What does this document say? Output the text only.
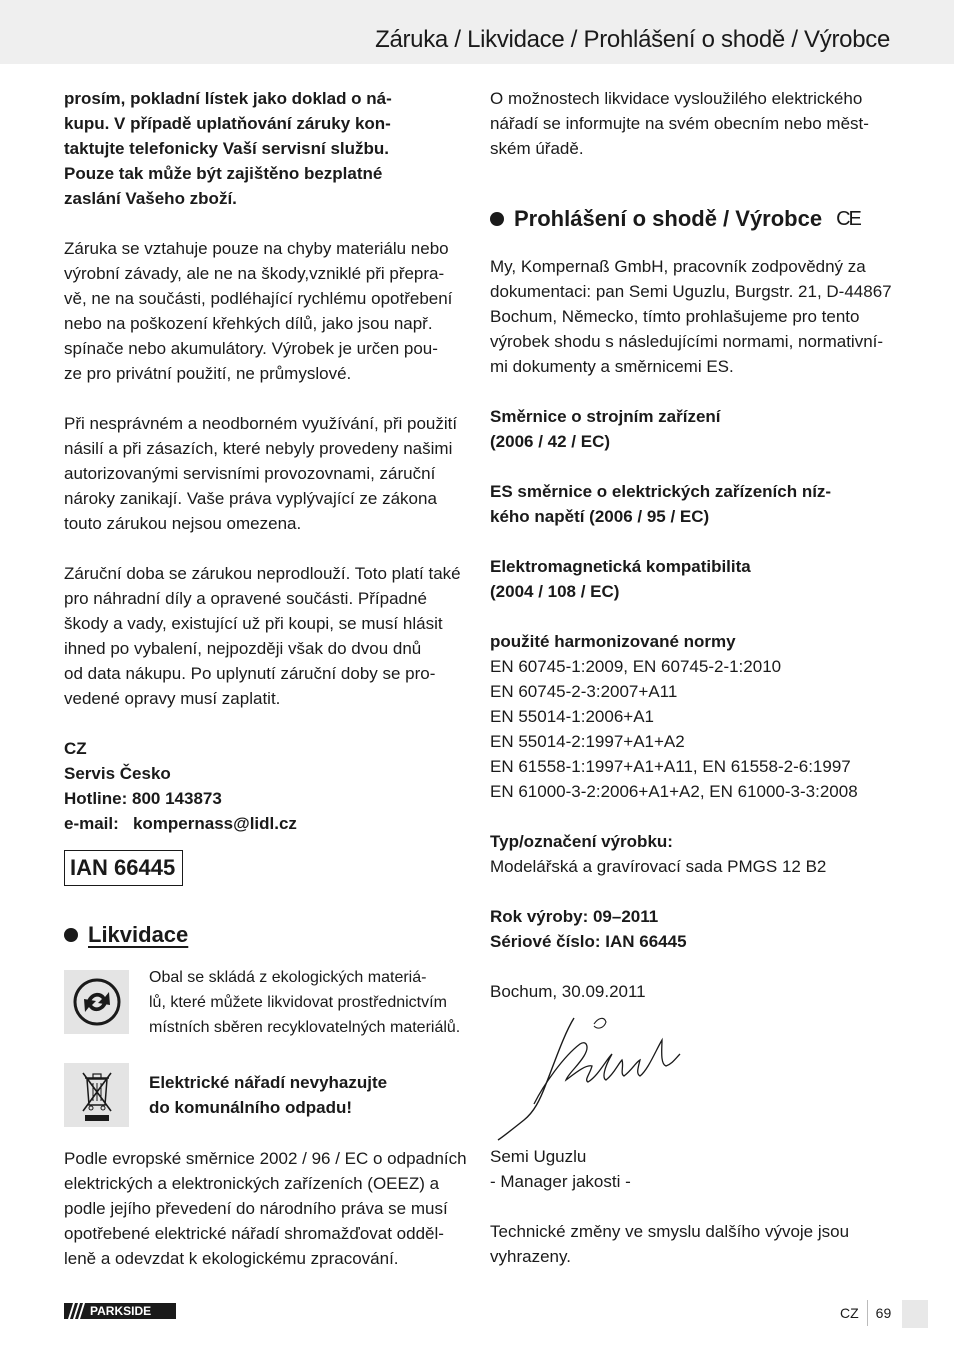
Záruka / Likvidace / Prohlášení o shodě / Výrobce

prosím, pokladní lístek jako doklad o ná-
kupu. V případě uplatňování záruky kon-
taktujte telefonicky Vaší servisní službu.
Pouze tak může být zajištěno bezplatné
zaslání Vašeho zboží.

Záruka se vztahuje pouze na chyby materiálu nebo
výrobní závady, ale ne na škody,vzniklé při přepra-
vě, ne na součásti, podléhající rychlému opotřebení
nebo na poškození křehkých dílů, jako jsou např.
spínače nebo akumulátory. Výrobek je určen pou-
ze pro privátní použití, ne průmyslové.

Při nesprávném a neodborném využívání, při použití
násilí a při zásazích, které nebyly provedeny našimi
autorizovanými servisními provozovnami, záruční
nároky zanikají. Vaše práva vyplývající ze zákona
touto zárukou nejsou omezena.

Záruční doba se zárukou neprodlouží. Toto platí také
pro náhradní díly a opravené součásti. Případné
škody a vady, existující už při koupi, se musí hlásit
ihned po vybalení, nejpozději však do dvou dnů
od data nákupu. Po uplynutí záruční doby se pro-
vedené opravy musí zaplatit.

CZ
Servis Česko
Hotline: 800 143873
e-mail: kompernass@lidl.cz

IAN 66445
Likvidace

Obal se skládá z ekologických materiá-
lů, které můžete likvidovat prostřednictvím
místních sběren recyklovatelných materiálů.

Elektrické nářadí nevyhazujte
do komunálního odpadu!

Podle evropské směrnice 2002 / 96 / EC o odpadních
elektrických a elektronických zařízeních (OEEZ) a
podle jejího převedení do národního práva se musí
opotřebené elektrické nářadí shromažďovat odděl-
leně a odevzdat k ekologickému zpracování.

O možnostech likvidace vysloužilého elektrického
nářadí se informujte na svém obecním nebo měst-
ském úřadě.

Prohlášení o shodě / Výrobce CE

My, Kompernaß GmbH, pracovník zodpovědný za
dokumentaci: pan Semi Uguzlu, Burgstr. 21, D-44867
Bochum, Německo, tímto prohlašujeme pro tento
výrobek shodu s následujícími normami, normativní-
mi dokumenty a směrnicemi ES.

Směrnice o strojním zařízení
(2006 / 42 / EC)

ES směrnice o elektrických zařízeních níz-
kého napětí (2006 / 95 / EC)

Elektromagnetická kompatibilita
(2004 / 108 / EC)

použité harmonizované normy
EN 60745-1:2009, EN 60745-2-1:2010
EN 60745-2-3:2007+A11
EN 55014-1:2006+A1
EN 55014-2:1997+A1+A2
EN 61558-1:1997+A1+A11, EN 61558-2-6:1997
EN 61000-3-2:2006+A1+A2, EN 61000-3-3:2008

Typ/označení výrobku:
Modelářská a gravírovací sada PMGS 12 B2

Rok výroby: 09–2011
Sériové číslo: IAN 66445

Bochum, 30.09.2011

Semi Uguzlu
- Manager jakosti -

Technické změny ve smyslu dalšího vývoje jsou
vyhrazeny.

PARKSIDE	CZ 69
